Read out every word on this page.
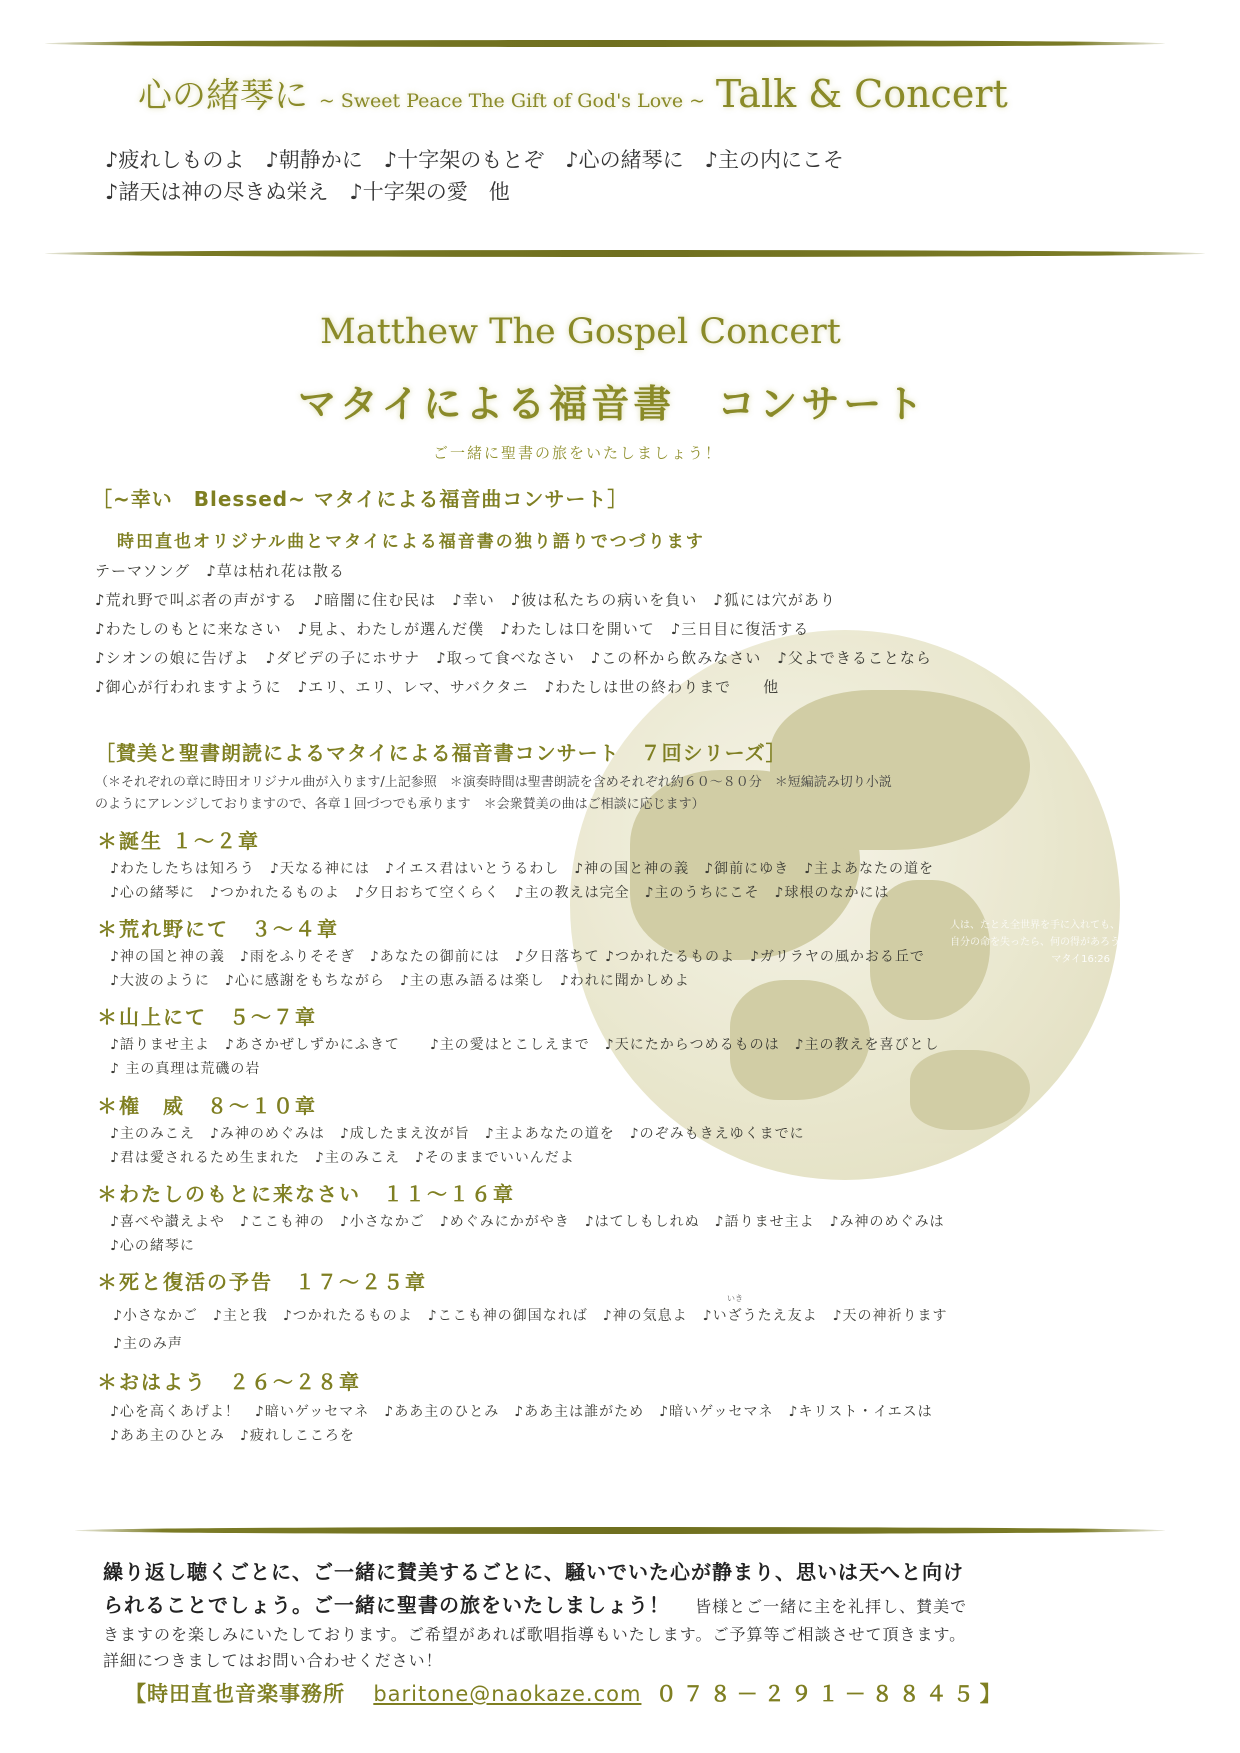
人は、たとえ全世界を手に入れても、
自分の命を失ったら、何の得があろうか。
マタイ16:26
心の緒琴に ~ Sweet Peace The Gift of God's Love ~ Talk & Concert
♪疲れしものよ　♪朝静かに　♪十字架のもとぞ　♪心の緒琴に　♪主の内にこそ
♪諸天は神の尽きぬ栄え　♪十字架の愛　他
Matthew The Gospel Concert
マタイによる福音書　コンサート
ご一緒に聖書の旅をいたしましょう！
［~幸い　Blessed~ マタイによる福音曲コンサート］
時田直也オリジナル曲とマタイによる福音書の独り語りでつづります
テーマソング　♪草は枯れ花は散る
♪荒れ野で叫ぶ者の声がする　♪暗闇に住む民は　♪幸い　♪彼は私たちの病いを負い　♪狐には穴があり
♪わたしのもとに来なさい　♪見よ、わたしが選んだ僕　♪わたしは口を開いて　♪三日目に復活する
♪シオンの娘に告げよ　♪ダビデの子にホサナ　♪取って食べなさい　♪この杯から飲みなさい　♪父よできることなら
♪御心が行われますように　♪エリ、エリ、レマ、サバクタニ　♪わたしは世の終わりまで　　他
［賛美と聖書朗読によるマタイによる福音書コンサート　７回シリーズ］
（＊それぞれの章に時田オリジナル曲が入ります/上記参照　＊演奏時間は聖書朗読を含めそれぞれ約６０～８０分　＊短編読み切り小説
のようにアレンジしておりますので、各章１回づつでも承ります　＊会衆賛美の曲はご相談に応じます）
＊誕生 １～２章
♪わたしたちは知ろう　♪天なる神には　♪イエス君はいとうるわし　♪神の国と神の義　♪御前にゆき　♪主よあなたの道を
♪心の緒琴に　♪つかれたるものよ　♪夕日おちて空くらく　♪主の教えは完全　♪主のうちにこそ　♪球根のなかには
＊荒れ野にて　３～４章
♪神の国と神の義　♪雨をふりそそぎ　♪あなたの御前には　♪夕日落ちて ♪つかれたるものよ　♪ガリラヤの風かおる丘で
♪大波のように　♪心に感謝をもちながら　♪主の恵み語るは楽し　♪われに聞かしめよ
＊山上にて　５～７章
♪語りませ主よ　♪あさかぜしずかにふきて　　♪主の愛はとこしえまで　♪天にたからつめるものは　♪主の教えを喜びとし
♪ 主の真理は荒磯の岩
＊権　威　８～１０章
♪主のみこえ　♪み神のめぐみは　♪成したまえ汝が旨　♪主よあなたの道を　♪のぞみもきえゆくまでに
♪君は愛されるため生まれた　♪主のみこえ　♪そのままでいいんだよ
＊わたしのもとに来なさい　１１～１６章
♪喜べや讃えよや　♪ここも神の　♪小さなかご　♪めぐみにかがやき　♪はてしもしれぬ　♪語りませ主よ　♪み神のめぐみは
♪心の緒琴に
＊死と復活の予告　１７～２５章
♪小さなかご　♪主と我　♪つかれたるものよ　♪ここも神の御国なれば　♪神の気息よ　♪いざうたえ友よ　♪天の神祈ります
♪主のみ声
いき
＊おはよう　２６～２８章
♪心を高くあげよ！　♪暗いゲッセマネ　♪ああ主のひとみ　♪ああ主は誰がため　♪暗いゲッセマネ　♪キリスト・イエスは
♪ああ主のひとみ　♪疲れしこころを
繰り返し聴くごとに、ご一緒に賛美するごとに、騒いでいた心が静まり、思いは天へと向け
られることでしょう。ご一緒に聖書の旅をいたしましょう！ 皆様とご一緒に主を礼拝し、賛美で
きますのを楽しみにいたしております。ご希望があれば歌唱指導もいたします。ご予算等ご相談させて頂きます。
詳細につきましてはお問い合わせください！
【時田直也音楽事務所 baritone@naokaze.com ０７８－２９１－８８４５】
